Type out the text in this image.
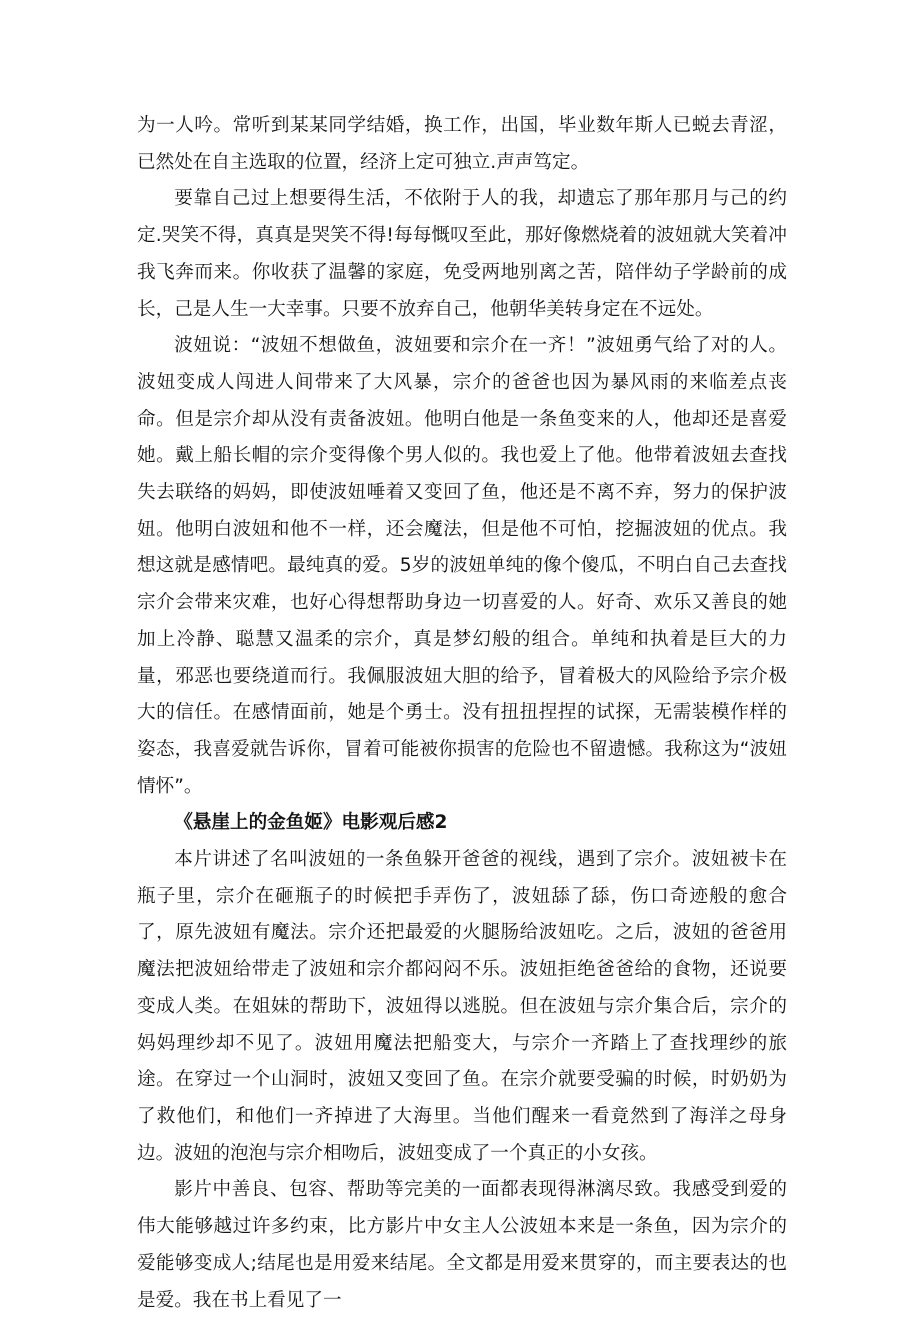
为一人吟。常听到某某同学结婚，换工作，出国，毕业数年斯人已蜕去青涩，已然处在自主选取的位置，经济上定可独立.声声笃定。

要靠自己过上想要得生活，不依附于人的我，却遗忘了那年那月与己的约定.哭笑不得，真真是哭笑不得!每每慨叹至此，那好像燃烧着的波妞就大笑着冲我飞奔而来。你收获了温馨的家庭，免受两地别离之苦，陪伴幼子学龄前的成长，己是人生一大幸事。只要不放弃自己，他朝华美转身定在不远处。

波妞说：“波妞不想做鱼，波妞要和宗介在一齐！”波妞勇气给了对的人。波妞变成人闯进人间带来了大风暴，宗介的爸爸也因为暴风雨的来临差点丧命。但是宗介却从没有责备波妞。他明白他是一条鱼变来的人，他却还是喜爱她。戴上船长帽的宗介变得像个男人似的。我也爱上了他。他带着波妞去查找失去联络的妈妈，即使波妞唾着又变回了鱼，他还是不离不弃，努力的保护波妞。他明白波妞和他不一样，还会魔法，但是他不可怕，挖掘波妞的优点。我想这就是感情吧。最纯真的爱。5岁的波妞单纯的像个傻瓜，不明白自己去查找宗介会带来灾难，也好心得想帮助身边一切喜爱的人。好奇、欢乐又善良的她加上冷静、聪慧又温柔的宗介，真是梦幻般的组合。单纯和执着是巨大的力量，邪恶也要绕道而行。我佩服波妞大胆的给予，冒着极大的风险给予宗介极大的信任。在感情面前，她是个勇士。没有扭扭捏捏的试探，无需装模作样的姿态，我喜爱就告诉你，冒着可能被你损害的危险也不留遗憾。我称这为“波妞情怀”。

《悬崖上的金鱼姬》电影观后感2

本片讲述了名叫波妞的一条鱼躲开爸爸的视线，遇到了宗介。波妞被卡在瓶子里，宗介在砸瓶子的时候把手弄伤了，波妞舔了舔，伤口奇迹般的愈合了，原先波妞有魔法。宗介还把最爱的火腿肠给波妞吃。之后，波妞的爸爸用魔法把波妞给带走了波妞和宗介都闷闷不乐。波妞拒绝爸爸给的食物，还说要变成人类。在姐妹的帮助下，波妞得以逃脱。但在波妞与宗介集合后，宗介的妈妈理纱却不见了。波妞用魔法把船变大，与宗介一齐踏上了查找理纱的旅途。在穿过一个山洞时，波妞又变回了鱼。在宗介就要受骗的时候，时奶奶为了救他们，和他们一齐掉进了大海里。当他们醒来一看竟然到了海洋之母身边。波妞的泡泡与宗介相吻后，波妞变成了一个真正的小女孩。

影片中善良、包容、帮助等完美的一面都表现得淋漓尽致。我感受到爱的伟大能够越过许多约束，比方影片中女主人公波妞本来是一条鱼，因为宗介的爱能够变成人;结尾也是用爱来结尾。全文都是用爱来贯穿的，而主要表达的也是爱。我在书上看见了一
